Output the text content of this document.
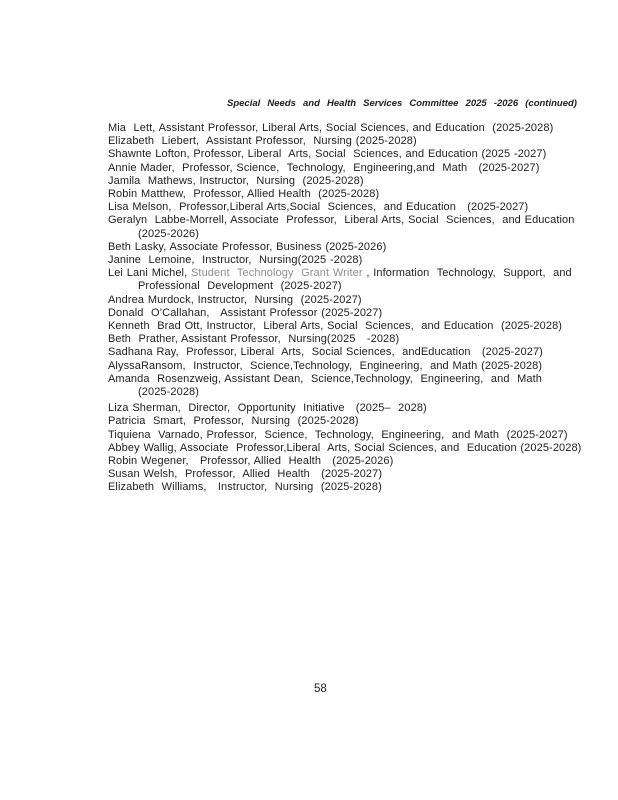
Special Needs and Health Services Committee 2025 -2026 (continued)
Mia  Lett, Assistant Professor, Liberal Arts, Social Sciences, and Education  (2025-2028)
Elizabeth  Liebert,  Assistant Professor,  Nursing (2025-2028)
Shawnte Lofton, Professor, Liberal  Arts, Social  Sciences, and Education (2025 -2027)
Annie Mader,  Professor, Science,  Technology,  Engineering,and  Math   (2025-2027)
Jamila  Mathews, Instructor,  Nursing  (2025-2028)
Robin Matthew,  Professor, Allied Health  (2025-2028)
Lisa Melson,  Professor,Liberal Arts,Social  Sciences,  and Education   (2025-2027)
Geralyn  Labbe-Morrell, Associate  Professor,  Liberal Arts, Social  Sciences,  and Education
(2025-2026)
Beth Lasky, Associate Professor, Business (2025-2026)
Janine  Lemoine,  Instructor,  Nursing(2025 -2028)
Lei Lani Michel, Student  Technology  Grant Writer , Information  Technology,  Support,  and
Professional  Development  (2025-2027)
Andrea Murdock, Instructor,  Nursing  (2025-2027)
Donald  O’Callahan,   Assistant Professor (2025-2027)
Kenneth  Brad Ott, Instructor,  Liberal Arts, Social  Sciences,  and Education  (2025-2028)
Beth  Prather, Assistant Professor,  Nursing(2025   -2028)
Sadhana Ray,  Professor, Liberal  Arts,  Social Sciences,  andEducation   (2025-2027)
AlyssaRansom,  Instructor,  Science,Technology,  Engineering,  and Math (2025-2028)
Amanda  Rosenzweig, Assistant Dean,  Science,Technology,  Engineering,  and  Math
(2025-2028)
Liza Sherman,  Director,  Opportunity  Initiative   (2025–  2028)
Patricia  Smart,  Professor,  Nursing  (2025-2028)
Tiquiena  Varnado, Professor,  Science,  Technology,  Engineering,  and Math  (2025-2027)
Abbey Wallig, Associate  Professor,Liberal  Arts, Social Sciences, and  Education (2025-2028)
Robin Wegener,   Professor, Allied  Health   (2025-2026)
Susan Welsh,  Professor,  Allied  Health   (2025-2027)
Elizabeth  Williams,   Instructor,  Nursing  (2025-2028)
58
